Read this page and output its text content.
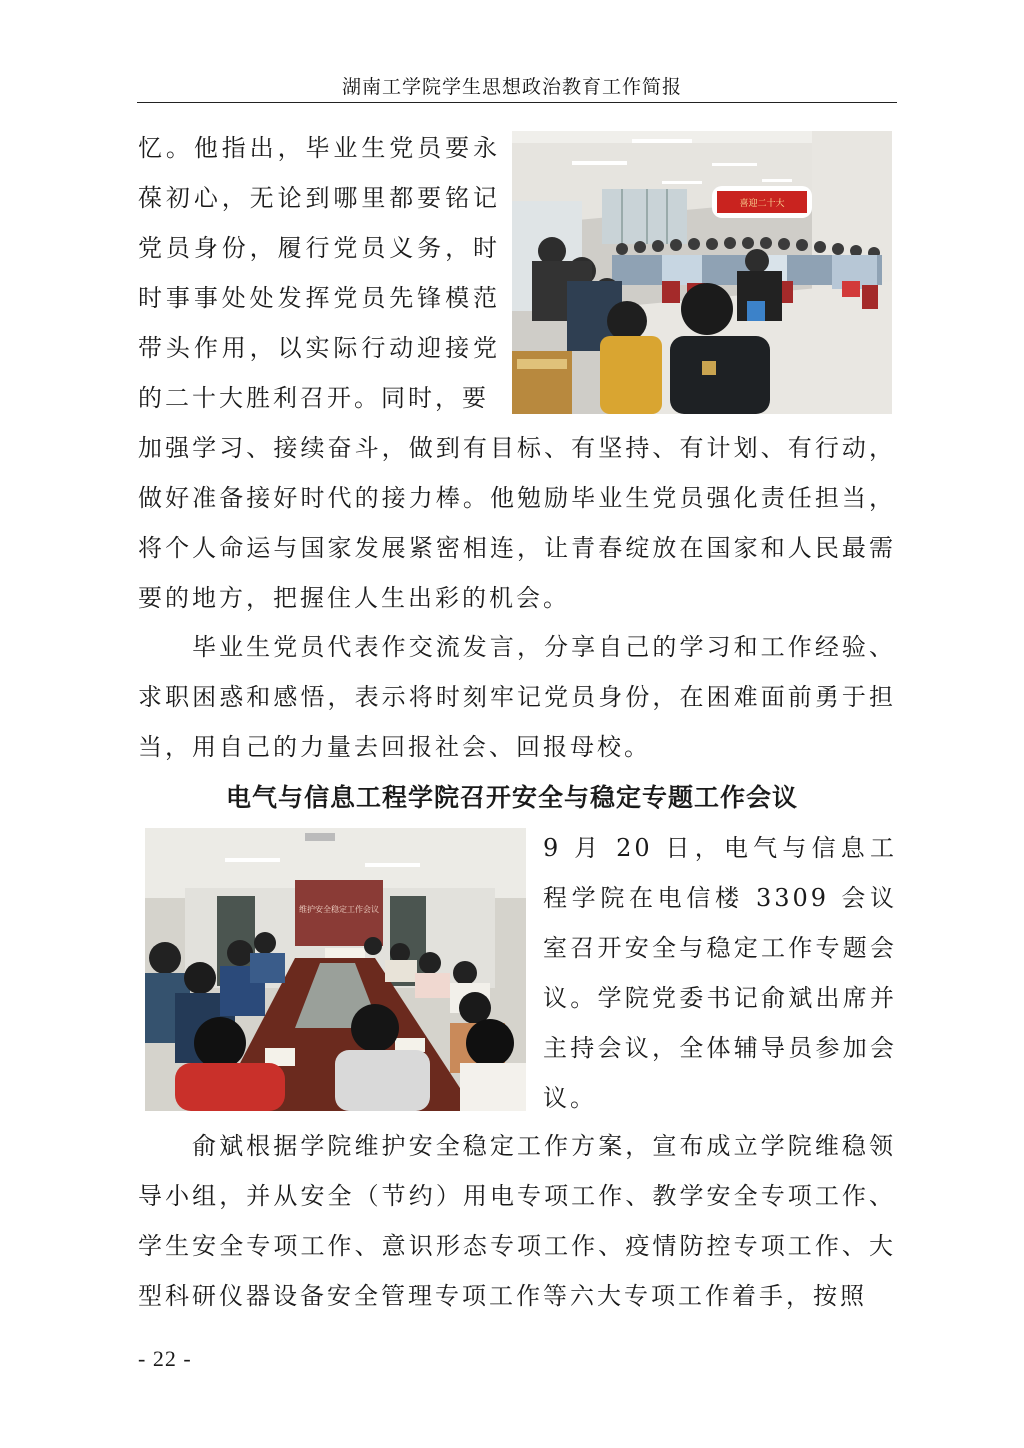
湖南工学院学生思想政治教育工作简报

忆。他指出，毕业生党员要永葆初心，无论到哪里都要铭记党员身份，履行党员义务，时时事事处处发挥党员先锋模范带头作用，以实际行动迎接党的二十大胜利召开。同时，要

喜迎二十大

加强学习、接续奋斗，做到有目标、有坚持、有计划、有行动，做好准备接好时代的接力棒。他勉励毕业生党员强化责任担当，将个人命运与国家发展紧密相连，让青春绽放在国家和人民最需要的地方，把握住人生出彩的机会。

毕业生党员代表作交流发言，分享自己的学习和工作经验、求职困惑和感悟，表示将时刻牢记党员身份，在困难面前勇于担当，用自己的力量去回报社会、回报母校。

电气与信息工程学院召开安全与稳定专题工作会议
维护安全稳定工作会议

9 月 20 日，电气与信息工程学院在电信楼 3309 会议室召开安全与稳定工作专题会议。学院党委书记俞斌出席并主持会议，全体辅导员参加会议。

俞斌根据学院维护安全稳定工作方案，宣布成立学院维稳领导小组，并从安全（节约）用电专项工作、教学安全专项工作、学生安全专项工作、意识形态专项工作、疫情防控专项工作、大型科研仪器设备安全管理专项工作等六大专项工作着手，按照

- 22 -
